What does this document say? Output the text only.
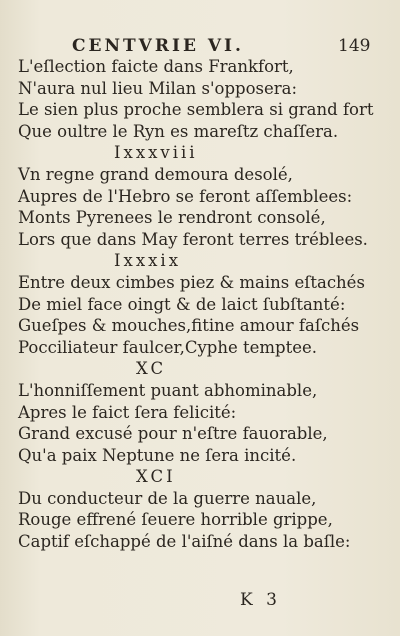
CENTVRIE VI.	149
L'eſlection faicte dans Frankfort,
N'aura nul lieu Milan s'opposera:
Le sien plus proche semblera si grand fort
Que oultre le Ryn es mareſtz chaſſera.
Ixxxviii
Vn regne grand demoura desolé,
Aupres de l'Hebro se feront aſſemblees:
Monts Pyrenees le rendront consolé,
Lors que dans May feront terres tréblees.
Ixxxix
Entre deux cimbes piez & mains eſtachés
De miel face oingt & de laict ſubſtanté:
Gueſpes & mouches,fitine amour faſchés
Pocciliateur faulcer,Cyphe temptee.
XC
L'honniſſement puant abhominable,
Apres le faict ſera felicité:
Grand excusé pour n'eſtre fauorable,
Qu'a paix Neptune ne ſera incité.
XCI
Du conducteur de la guerre nauale,
Rouge effrené ſeuere horrible grippe,
Captif eſchappé de l'aiſné dans la baſle:
K 3
